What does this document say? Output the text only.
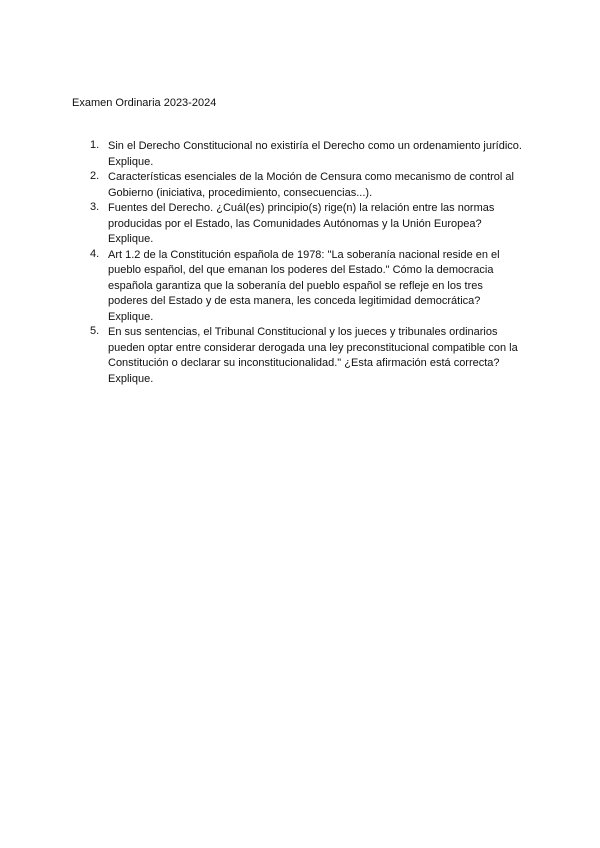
Examen Ordinaria 2023-2024
1. Sin el Derecho Constitucional no existiría el Derecho como un ordenamiento jurídico.
Explique.
2. Características esenciales de la Moción de Censura como mecanismo de control al
Gobierno (iniciativa, procedimiento, consecuencias...).
3. Fuentes del Derecho. ¿Cuál(es) principio(s) rige(n) la relación entre las normas
producidas por el Estado, las Comunidades Autónomas y la Unión Europea?
Explique.
4. Art 1.2 de la Constitución española de 1978: "La soberanía nacional reside en el
pueblo español, del que emanan los poderes del Estado." Cómo la democracia
española garantiza que la soberanía del pueblo español se refleje en los tres
poderes del Estado y de esta manera, les conceda legitimidad democrática?
Explique.
5. En sus sentencias, el Tribunal Constitucional y los jueces y tribunales ordinarios
pueden optar entre considerar derogada una ley preconstitucional compatible con la
Constitución o declarar su inconstitucionalidad." ¿Esta afirmación está correcta?
Explique.
